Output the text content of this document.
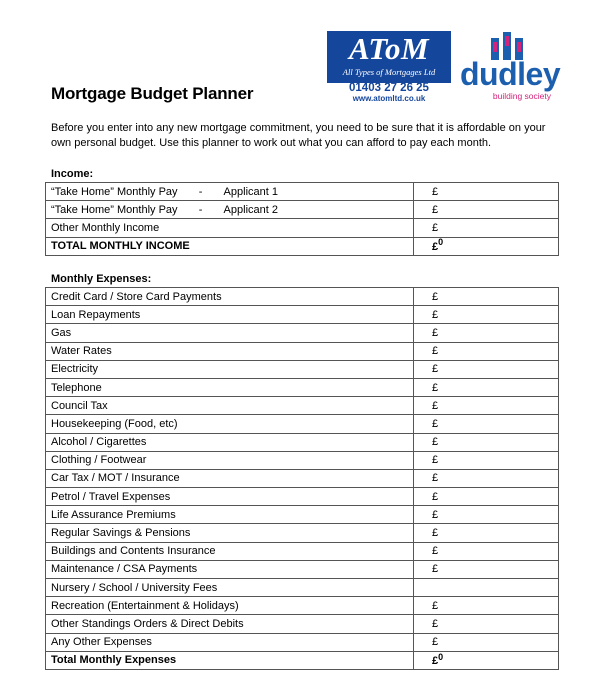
Mortgage Budget Planner
AToM
All Types of Mortgages Ltd
01403 27 26 25
www.atomltd.co.uk
dudley
building society
Before you enter into any new mortgage commitment, you need to be sure that it is affordable on your own personal budget. Use this planner to work out what you can afford to pay each month.
Income:
“Take Home” Monthly Pay - Applicant 1	£
“Take Home” Monthly Pay - Applicant 2	£
Other Monthly Income	£
TOTAL MONTHLY INCOME	£$^0$
Monthly Expenses:
Credit Card / Store Card Payments	£
Loan Repayments	£
Gas	£
Water Rates	£
Electricity	£
Telephone	£
Council Tax	£
Housekeeping (Food, etc)	£
Alcohol / Cigarettes	£
Clothing / Footwear	£
Car Tax / MOT / Insurance	£
Petrol / Travel Expenses	£
Life Assurance Premiums	£
Regular Savings & Pensions	£
Buildings and Contents Insurance	£
Maintenance / CSA Payments	£
Nursery / School / University Fees	
Recreation (Entertainment & Holidays)	£
Other Standings Orders & Direct Debits	£
Any Other Expenses	£
Total Monthly Expenses	£$^0$
